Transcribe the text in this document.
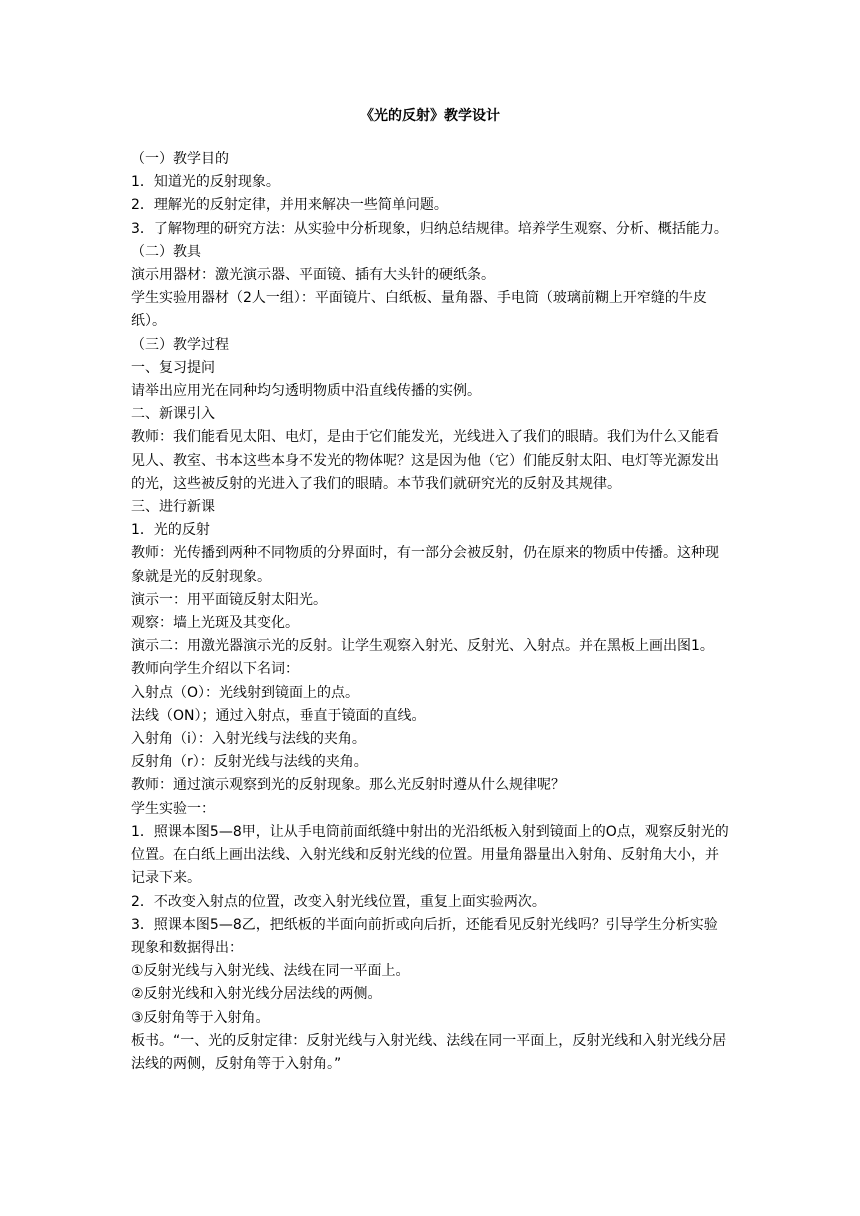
《光的反射》教学设计

（一）教学目的

1．知道光的反射现象。

2．理解光的反射定律，并用来解决一些简单问题。

3．了解物理的研究方法：从实验中分析现象，归纳总结规律。培养学生观察、分析、概括能力。

（二）教具

演示用器材：激光演示器、平面镜、插有大头针的硬纸条。

学生实验用器材（2人一组）：平面镜片、白纸板、量角器、手电筒（玻璃前糊上开窄缝的牛皮纸）。

（三）教学过程

一、复习提问

请举出应用光在同种均匀透明物质中沿直线传播的实例。

二、新课引入

教师：我们能看见太阳、电灯，是由于它们能发光，光线进入了我们的眼睛。我们为什么又能看见人、教室、书本这些本身不发光的物体呢？这是因为他（它）们能反射太阳、电灯等光源发出的光，这些被反射的光进入了我们的眼睛。本节我们就研究光的反射及其规律。

三、进行新课

1．光的反射

教师：光传播到两种不同物质的分界面时，有一部分会被反射，仍在原来的物质中传播。这种现象就是光的反射现象。

演示一：用平面镜反射太阳光。

观察：墙上光斑及其变化。

演示二：用激光器演示光的反射。让学生观察入射光、反射光、入射点。并在黑板上画出图1。

教师向学生介绍以下名词：

入射点（O）：光线射到镜面上的点。

法线（ON）；通过入射点，垂直于镜面的直线。

入射角（i）：入射光线与法线的夹角。

反射角（r）：反射光线与法线的夹角。

教师：通过演示观察到光的反射现象。那么光反射时遵从什么规律呢？

学生实验一：

1．照课本图5—8甲，让从手电筒前面纸缝中射出的光沿纸板入射到镜面上的O点，观察反射光的位置。在白纸上画出法线、入射光线和反射光线的位置。用量角器量出入射角、反射角大小，并记录下来。

2．不改变入射点的位置，改变入射光线位置，重复上面实验两次。

3．照课本图5—8乙，把纸板的半面向前折或向后折，还能看见反射光线吗？引导学生分析实验现象和数据得出：

①反射光线与入射光线、法线在同一平面上。

②反射光线和入射光线分居法线的两侧。

③反射角等于入射角。

板书。“一、光的反射定律：反射光线与入射光线、法线在同一平面上，反射光线和入射光线分居法线的两侧，反射角等于入射角。”
